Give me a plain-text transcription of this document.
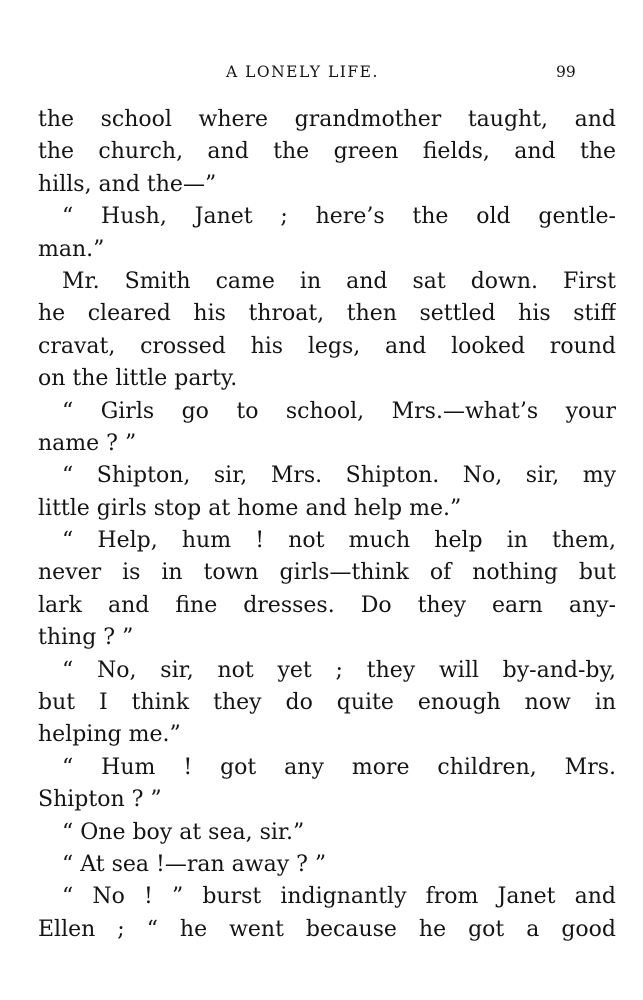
A LONELY LIFE.	99
the school where grandmother taught, and
the church, and the green fields, and the
hills, and the—”
“ Hush, Janet ; here’s the old gentle-
man.”
Mr. Smith came in and sat down. First
he cleared his throat, then settled his stiff
cravat, crossed his legs, and looked round
on the little party.
“ Girls go to school, Mrs.—what’s your
name ? ”
“ Shipton, sir, Mrs. Shipton. No, sir, my
little girls stop at home and help me.”
“ Help, hum ! not much help in them,
never is in town girls—think of nothing but
lark and fine dresses. Do they earn any-
thing ? ”
“ No, sir, not yet ; they will by-and-by,
but I think they do quite enough now in
helping me.”
“ Hum ! got any more children, Mrs.
Shipton ? ”
“ One boy at sea, sir.”
“ At sea !—ran away ? ”
“ No ! ” burst indignantly from Janet and
Ellen ; “ he went because he got a good
